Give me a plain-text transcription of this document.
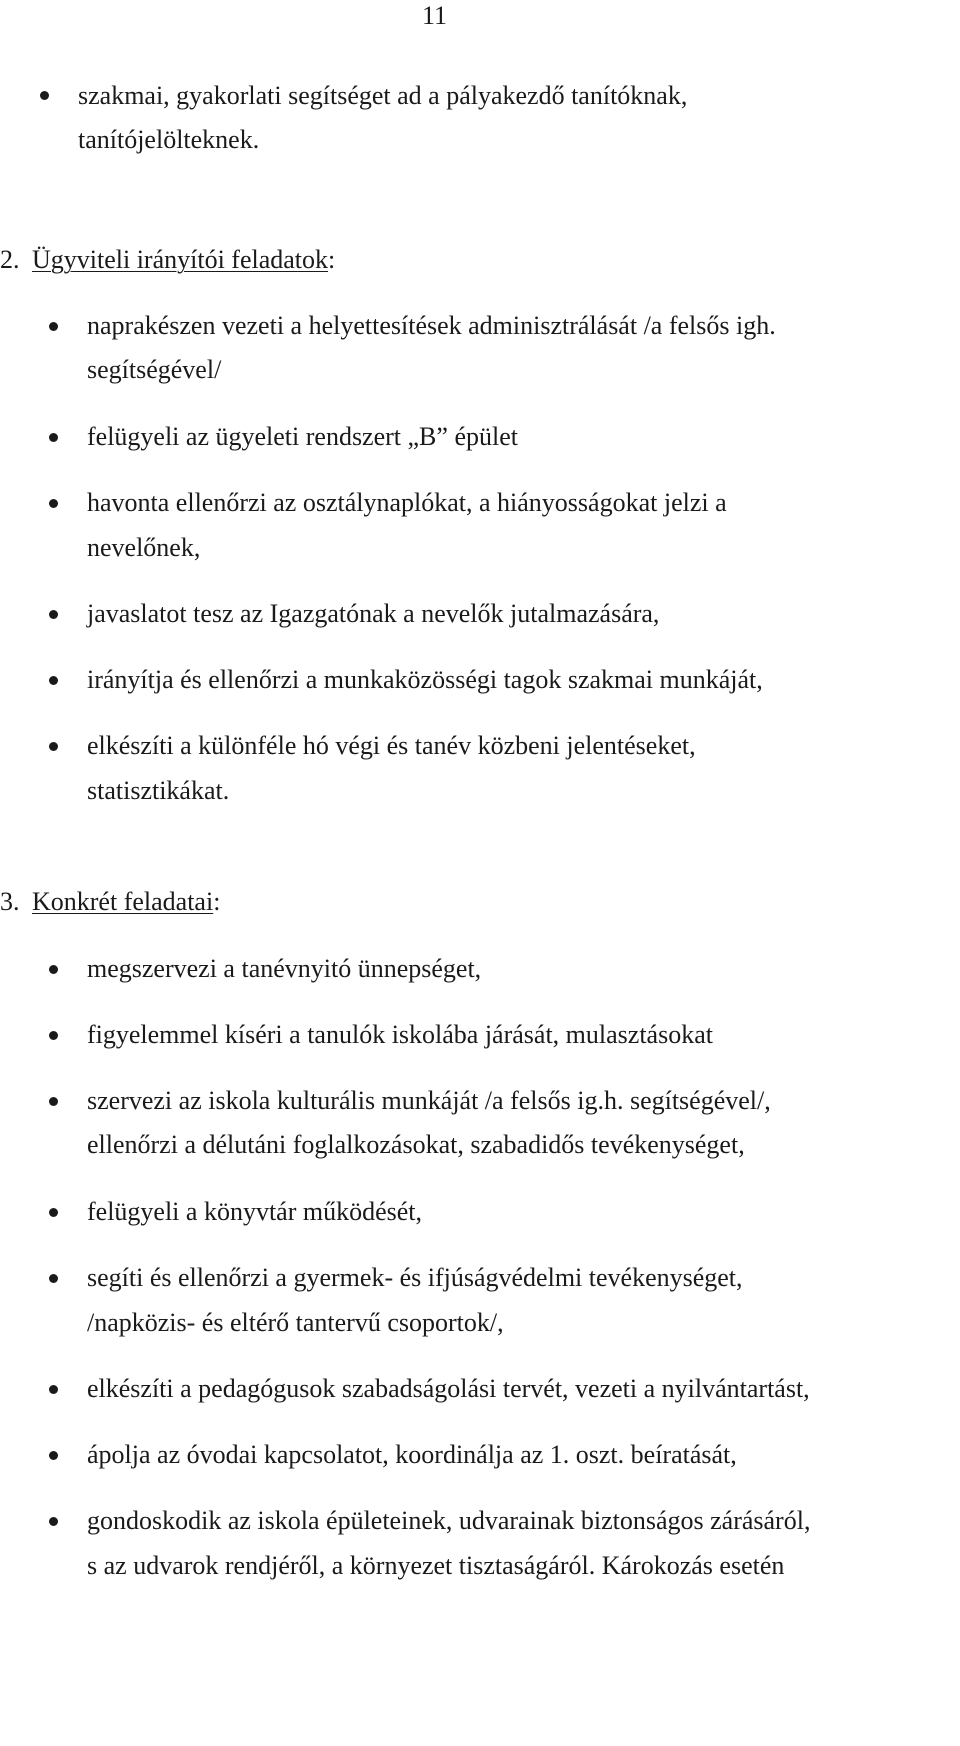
11
szakmai, gyakorlati segítséget ad a pályakezdő tanítóknak,
tanítójelölteknek.
2. Ügyviteli irányítói feladatok:
naprakészen vezeti a helyettesítések adminisztrálását /a felsős igh.
segítségével/
felügyeli az ügyeleti rendszert „B” épület
havonta ellenőrzi az osztálynaplókat, a hiányosságokat jelzi a
nevelőnek,
javaslatot tesz az Igazgatónak a nevelők jutalmazására,
irányítja és ellenőrzi a munkaközösségi tagok szakmai munkáját,
elkészíti a különféle hó végi és tanév közbeni jelentéseket,
statisztikákat.
3. Konkrét feladatai:
megszervezi a tanévnyitó ünnepséget,
figyelemmel kíséri a tanulók iskolába járását, mulasztásokat
szervezi az iskola kulturális munkáját /a felsős ig.h. segítségével/,
ellenőrzi a délutáni foglalkozásokat, szabadidős tevékenységet,
felügyeli a könyvtár működését,
segíti és ellenőrzi a gyermek- és ifjúságvédelmi tevékenységet,
/napközis- és eltérő tantervű csoportok/,
elkészíti a pedagógusok szabadságolási tervét, vezeti a nyilvántartást,
ápolja az óvodai kapcsolatot, koordinálja az 1. oszt. beíratását,
gondoskodik az iskola épületeinek, udvarainak biztonságos zárásáról,
s az udvarok rendjéről, a környezet tisztaságáról. Károkozás esetén
